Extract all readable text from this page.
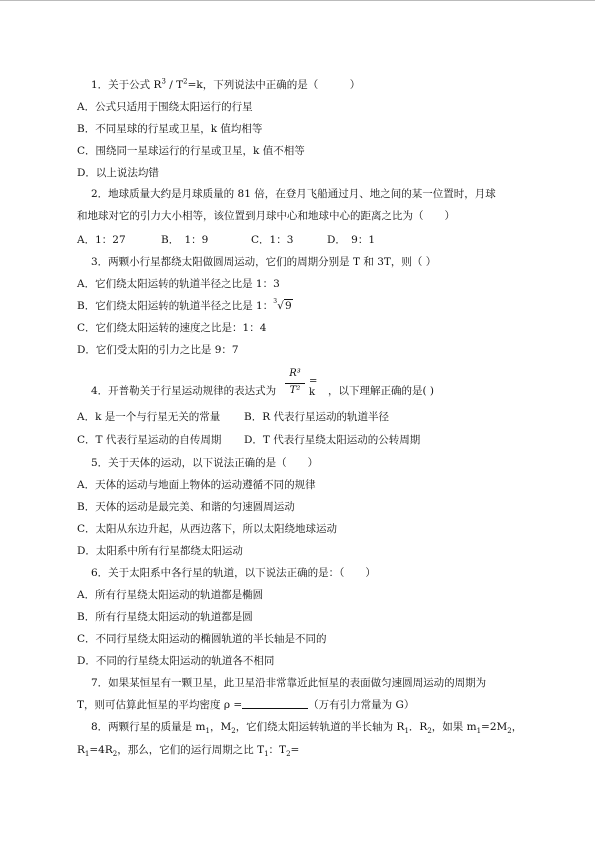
1．关于公式 $R^3 / T^2=k$，下列说法中正确的是（　　　）
A．公式只适用于围绕太阳运行的行星
B．不同星球的行星或卫星，k 值均相等
C．围绕同一星球运行的行星或卫星，k 值不相等
D．以上说法均错
2．地球质量大约是月球质量的 81 倍，在登月飞船通过月、地之间的某一位置时，月球
和地球对它的引力大小相等，该位置到月球中心和地球中心的距离之比为（　　）
A．1：27	B．　1：9	C．1：3	D．　9：1
3．两颗小行星都绕太阳做圆周运动，它们的周期分别是 T 和 3T，则（ ）
A．它们绕太阳运转的轨道半径之比是 1：3
B．它们绕太阳运转的轨道半径之比是 1： 3 √9
C．它们绕太阳运转的速度之比是：1：4
D．它们受太阳的引力之比是 9：7
R³
T²
= k
4．开普勒关于行星运动规律的表达式为	，以下理解正确的是( )
A．k 是一个与行星无关的常量 B．R 代表行星运动的轨道半径
C．T 代表行星运动的自传周期 D．T 代表行星绕太阳运动的公转周期
5．关于天体的运动，以下说法正确的是（　　）
A．天体的运动与地面上物体的运动遵循不同的规律
B．天体的运动是最完美、和谐的匀速圆周运动
C．太阳从东边升起，从西边落下，所以太阳绕地球运动
D．太阳系中所有行星都绕太阳运动
6．关于太阳系中各行星的轨道，以下说法正确的是：（　　）
A．所有行星绕太阳运动的轨道都是椭圆
B．所有行星绕太阳运动的轨道都是圆
C．不同行星绕太阳运动的椭圆轨道的半长轴是不同的
D．不同的行星绕太阳运动的轨道各不相同
7．如果某恒星有一颗卫星，此卫星沿非常靠近此恒星的表面做匀速圆周运动的周期为
T，则可估算此恒星的平均密度 ρ =	（万有引力常量为 G）
8．两颗行星的质量是 $m_1$，$M_2$，它们绕太阳运转轨道的半长轴为 $R_1$．$R_2$，如果 $m_1=2M_2$，
$R_1=4R_2$，那么，它们的运行周期之比 $T_1$：$T_2=$
